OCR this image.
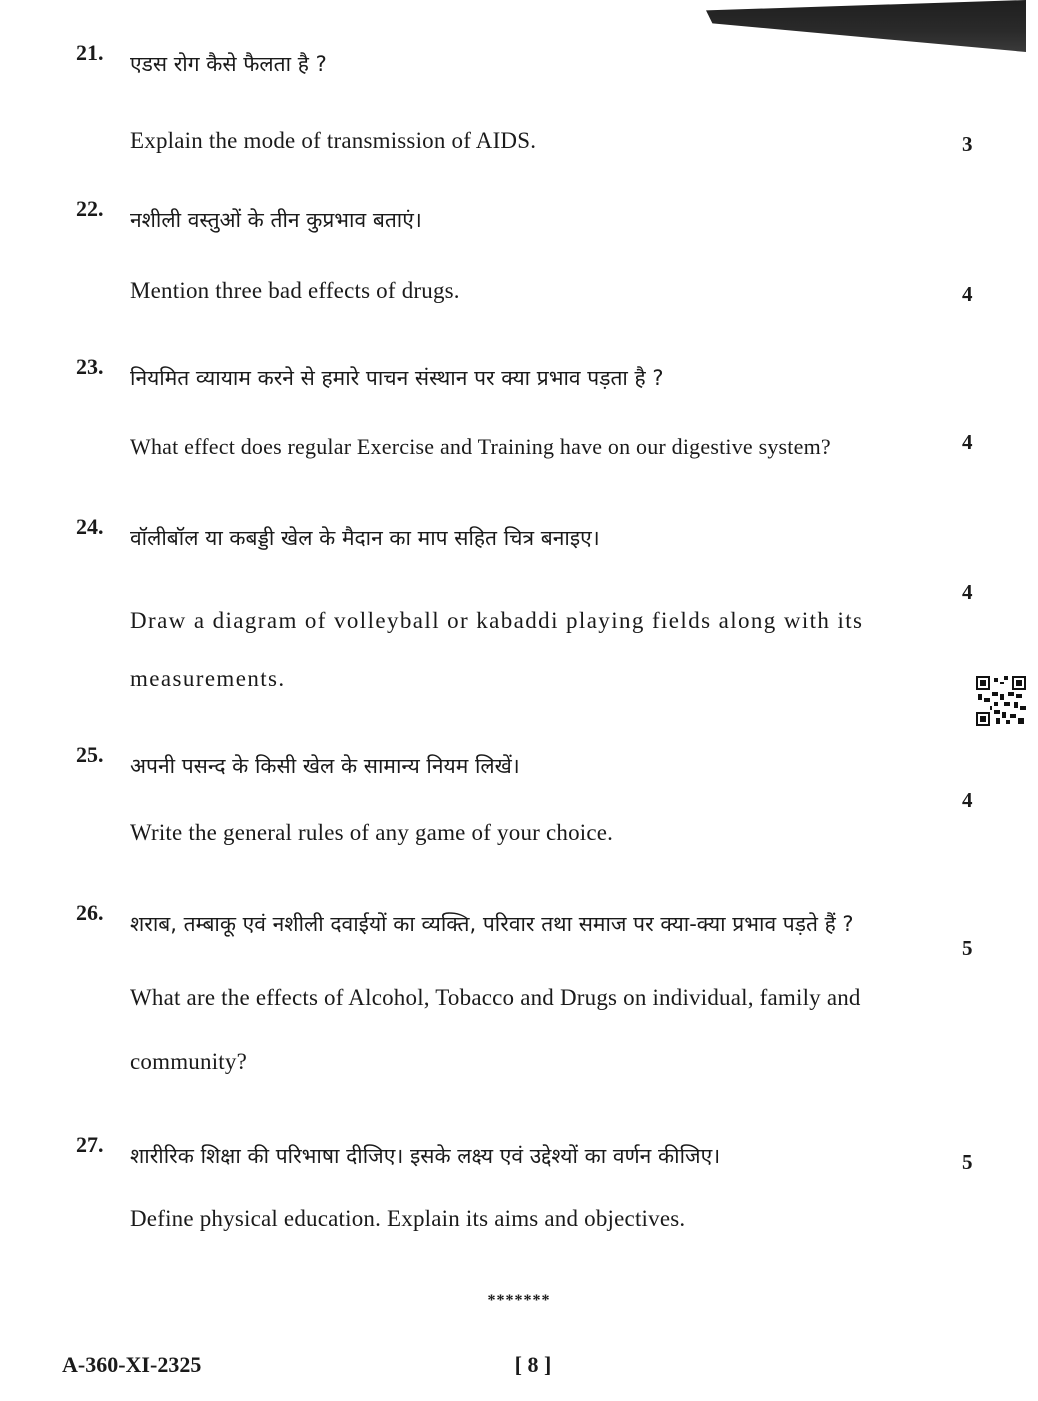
21. एडस रोग कैसे फैलता है ?
Explain the mode of transmission of AIDS.	3
22. नशीली वस्तुओं के तीन कुप्रभाव बताएं।
Mention three bad effects of drugs.	4
23. नियमित व्यायाम करने से हमारे पाचन संस्थान पर क्या प्रभाव पड़ता है ?
What effect does regular Exercise and Training have on our digestive system?	4
24. वॉलीबॉल या कबड्डी खेल के मैदान का माप सहित चित्र बनाइए।
4
Draw a diagram of volleyball or kabaddi playing fields along with its measurements.
25. अपनी पसन्द के किसी खेल के सामान्य नियम लिखें।
4
Write the general rules of any game of your choice.
26. शराब, तम्बाकू एवं नशीली दवाईयों का व्यक्ति, परिवार तथा समाज पर क्या-क्या प्रभाव पड़ते हैं ?
5
What are the effects of Alcohol, Tobacco and Drugs on individual, family and community?
27. शारीरिक शिक्षा की परिभाषा दीजिए। इसके लक्ष्य एवं उद्देश्यों का वर्णन कीजिए।	5
Define physical education. Explain its aims and objectives.
*******
A-360-XI-2325	[ 8 ]
